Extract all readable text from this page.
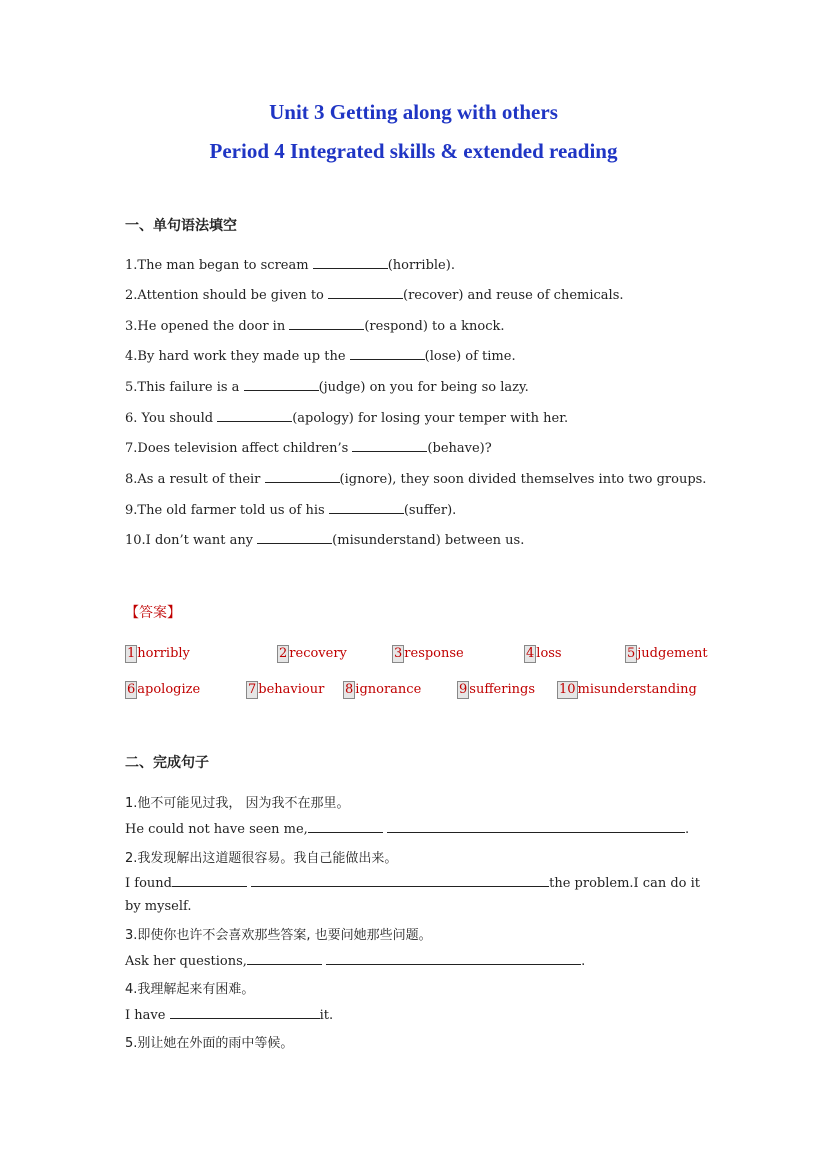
Unit 3 Getting along with others
Period 4 Integrated skills & extended reading
一、单句语法填空
1.The man began to scream	(horrible).
2.Attention should be given to	(recover) and reuse of chemicals.
3.He opened the door in	(respond) to a knock.
4.By hard work they made up the	(lose) of time.
5.This failure is a	(judge) on you for being so lazy.
6. You should	(apology) for losing your temper with her.
7.Does television affect children’s	(behave)?
8.As a result of their	(ignore), they soon divided themselves into two groups.
9.The old farmer told us of his	(suffer).
10.I don’t want any	(misunderstand) between us.
【答案】
1 horribly	2 recovery	3 response	4 loss	5 judgement
6 apologize	7 behaviour 8 ignorance	9 sufferings 10 misunderstanding
二、完成句子
1.他不可能见过我， 因为我不在那里。
He could not have seen me,	.
2.我发现解出这道题很容易。我自己能做出来。
I found	the problem.I can do it
by myself.
3.即使你也许不会喜欢那些答案, 也要问她那些问题。
Ask her questions,	.
4.我理解起来有困难。
I have	it.
5.别让她在外面的雨中等候。
